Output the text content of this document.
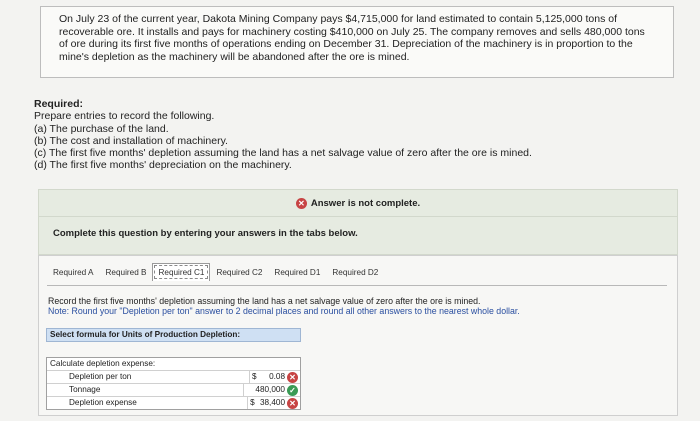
On July 23 of the current year, Dakota Mining Company pays $4,715,000 for land estimated to contain 5,125,000 tons of recoverable ore. It installs and pays for machinery costing $410,000 on July 25. The company removes and sells 480,000 tons of ore during its first five months of operations ending on December 31. Depreciation of the machinery is in proportion to the mine's depletion as the machinery will be abandoned after the ore is mined.

Required:
Prepare entries to record the following.
(a) The purchase of the land.
(b) The cost and installation of machinery.
(c) The first five months' depletion assuming the land has a net salvage value of zero after the ore is mined.
(d) The first five months' depreciation on the machinery.
✕ Answer is not complete.
Complete this question by entering your answers in the tabs below.
Required A	Required B	Required C1	Required C2	Required D1	Required D2
Record the first five months' depletion assuming the land has a net salvage value of zero after the ore is mined.
Note: Round your "Depletion per ton" answer to 2 decimal places and round all other answers to the nearest whole dollar.
Select formula for Units of Production Depletion:
Calculate depletion expense:
Depletion per ton	$	0.08 ✕
Tonnage	480,000 ✓
Depletion expense	$ 38,400 ✕
